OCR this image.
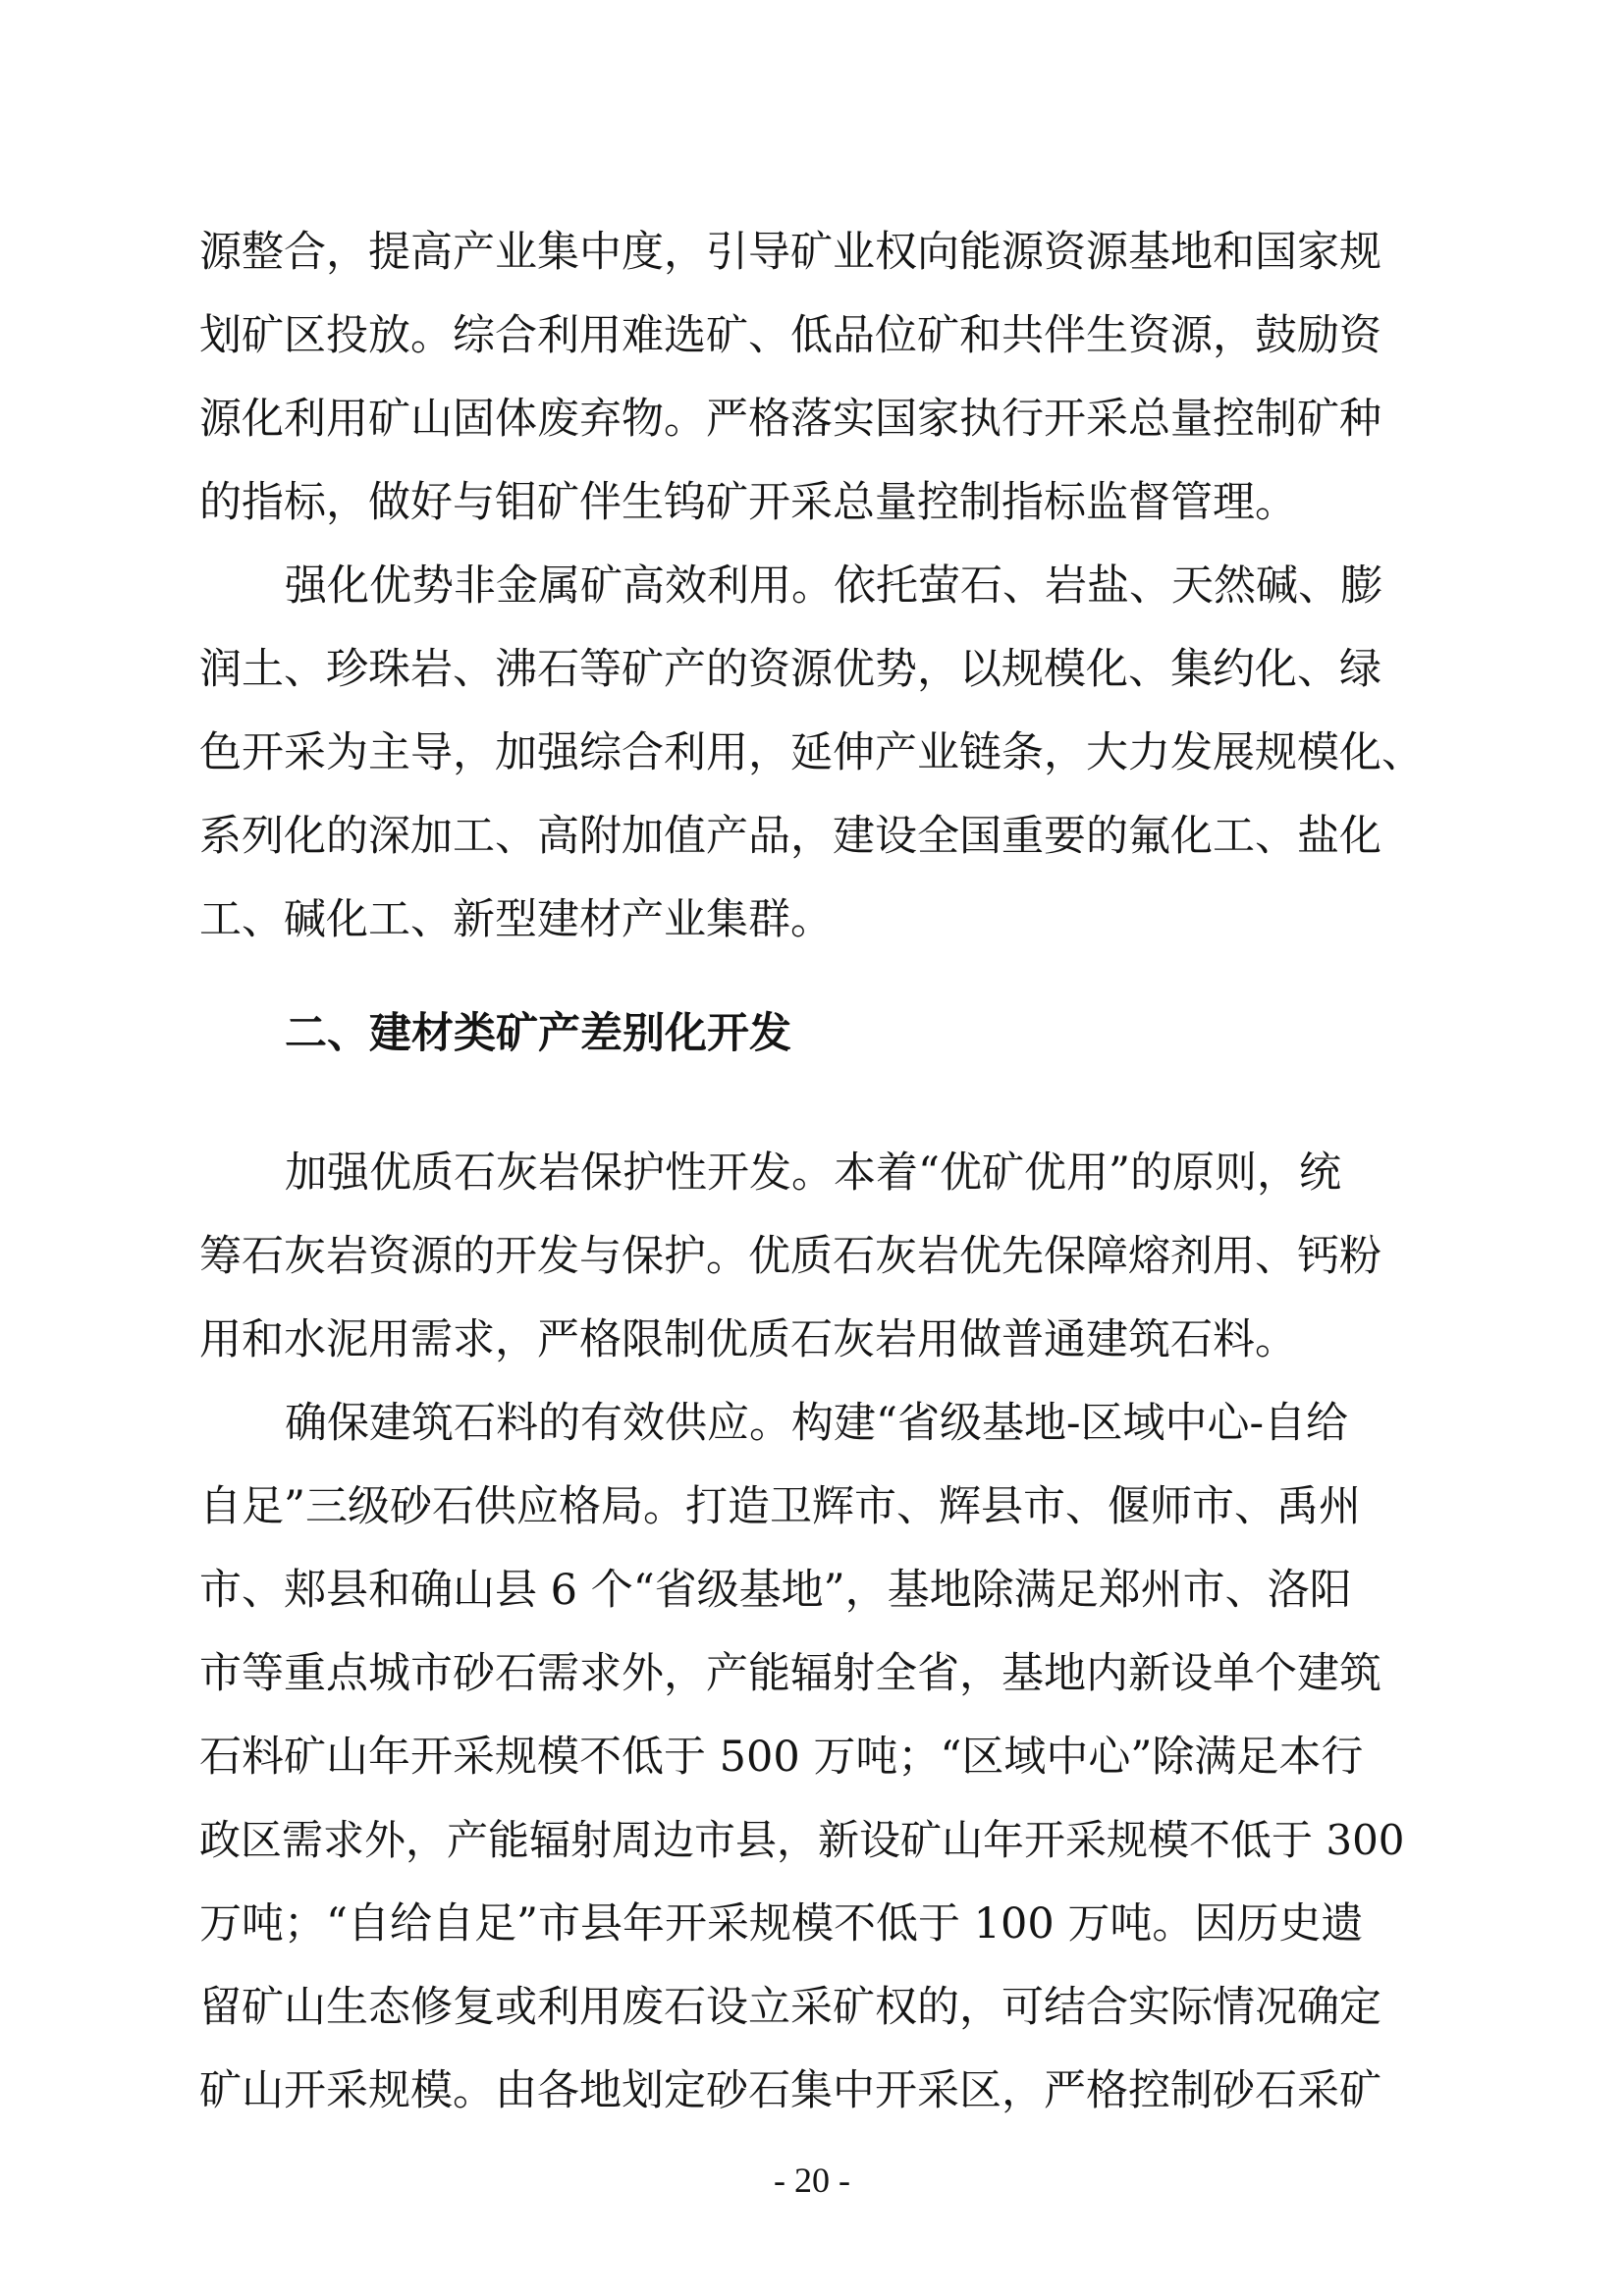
源整合，提高产业集中度，引导矿业权向能源资源基地和国家规
划矿区投放。综合利用难选矿、低品位矿和共伴生资源，鼓励资
源化利用矿山固体废弃物。严格落实国家执行开采总量控制矿种
的指标，做好与钼矿伴生钨矿开采总量控制指标监督管理。
强化优势非金属矿高效利用。依托萤石、岩盐、天然碱、膨
润土、珍珠岩、沸石等矿产的资源优势，以规模化、集约化、绿
色开采为主导，加强综合利用，延伸产业链条，大力发展规模化、
系列化的深加工、高附加值产品，建设全国重要的氟化工、盐化
工、碱化工、新型建材产业集群。
二、建材类矿产差别化开发
加强优质石灰岩保护性开发。本着“优矿优用”的原则，统
筹石灰岩资源的开发与保护。优质石灰岩优先保障熔剂用、钙粉
用和水泥用需求，严格限制优质石灰岩用做普通建筑石料。
确保建筑石料的有效供应。构建“省级基地-区域中心-自给
自足”三级砂石供应格局。打造卫辉市、辉县市、偃师市、禹州
市、郏县和确山县 6 个“省级基地”，基地除满足郑州市、洛阳
市等重点城市砂石需求外，产能辐射全省，基地内新设单个建筑
石料矿山年开采规模不低于 500 万吨；“区域中心”除满足本行
政区需求外，产能辐射周边市县，新设矿山年开采规模不低于 300
万吨；“自给自足”市县年开采规模不低于 100 万吨。因历史遗
留矿山生态修复或利用废石设立采矿权的，可结合实际情况确定
矿山开采规模。由各地划定砂石集中开采区，严格控制砂石采矿
- 20 -
